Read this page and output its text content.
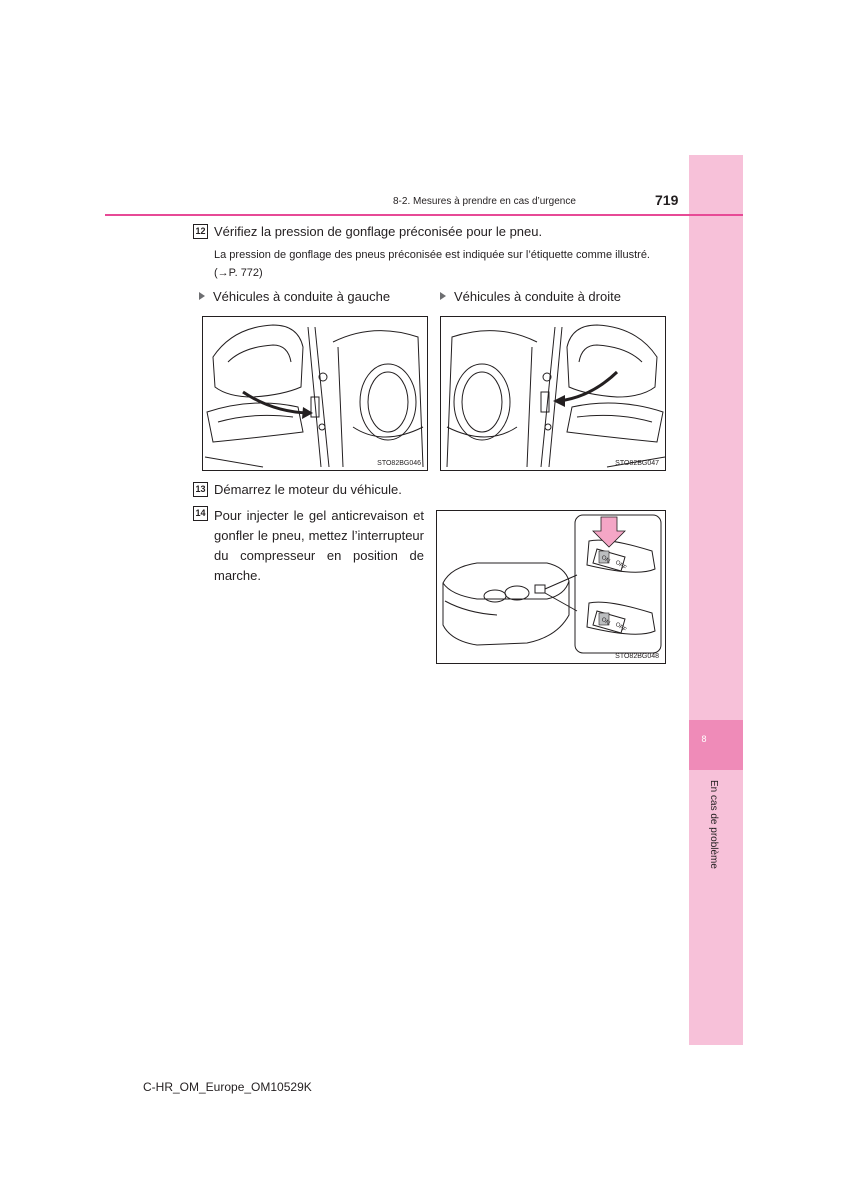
8
En cas de problème
8-2. Mesures à prendre en cas d’urgence	719
12 Vérifiez la pression de gonflage préconisée pour le pneu.
La pression de gonflage des pneus préconisée est indiquée sur l’étiquette comme illustré. (→P. 772)
Véhicules à conduite à gauche	Véhicules à conduite à droite
STO82BG046	STO82BG047
13 Démarrez le moteur du véhicule.
14 Pour injecter le gel anticrevaison et gonfler le pneu, mettez l’interrupteur du compresseur en position de marche.
ON OFF
ON OFF
STO82BG048
C-HR_OM_Europe_OM10529K
